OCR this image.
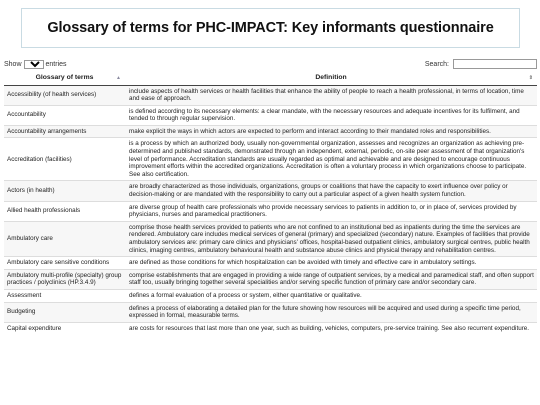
Glossary of terms for PHC-IMPACT: Key informants questionnaire
Show
50	entries	Search:
Glossary of terms ▲	Definition ⇕

Accessibility (of health services)	include aspects of health services or health facilities that enhance the ability of people to reach a health professional, in terms of location, time and ease of approach.
Accountability	is defined according to its necessary elements: a clear mandate, with the necessary resources and adequate incentives for its fulfilment, and tended to through regular supervision.
Accountability arrangements	make explicit the ways in which actors are expected to perform and interact according to their mandated roles and responsibilities.
Accreditation (facilities)	is a process by which an authorized body, usually non-governmental organization, assesses and recognizes an organization as achieving pre-determined and published standards, demonstrated through an independent, external, periodic, on-site peer assessment of that organization's level of performance. Accreditation standards are usually regarded as optimal and achievable and are designed to encourage continuous improvement efforts within the accredited organizations. Accreditation is often a voluntary process in which organizations choose to participate. See also certification.
Actors (in health)	are broadly characterized as those individuals, organizations, groups or coalitions that have the capacity to exert influence over policy or decision-making or are mandated with the responsibility to carry out a particular aspect of a given health system function.
Allied health professionals	are diverse group of health care professionals who provide necessary services to patients in addition to, or in place of, services provided by physicians, nurses and paramedical practitioners.
Ambulatory care	comprise those health services provided to patients who are not confined to an institutional bed as inpatients during the time the services are rendered. Ambulatory care includes medical services of general (primary) and specialized (secondary) nature. Examples of facilities that provide ambulatory services are: primary care clinics and physicians' offices, hospital-based outpatient clinics, ambulatory surgical centres, public health clinics, imaging centres, ambulatory behavioural health and substance abuse clinics and physical therapy and rehabilitation centres.
Ambulatory care sensitive conditions	are defined as those conditions for which hospitalization can be avoided with timely and effective care in ambulatory settings.
Ambulatory multi-profile (specialty) group practices / polyclinics (HP.3.4.9)	comprise establishments that are engaged in providing a wide range of outpatient services, by a medical and paramedical staff, and often support staff too, usually bringing together several specialities and/or serving specific function of primary care and/or secondary care.
Assessment	defines a formal evaluation of a process or system, either quantitative or qualitative.
Budgeting	defines a process of elaborating a detailed plan for the future showing how resources will be acquired and used during a specific time period, expressed in formal, measurable terms.
Capital expenditure	are costs for resources that last more than one year, such as building, vehicles, computers, pre-service training. See also recurrent expenditure.
